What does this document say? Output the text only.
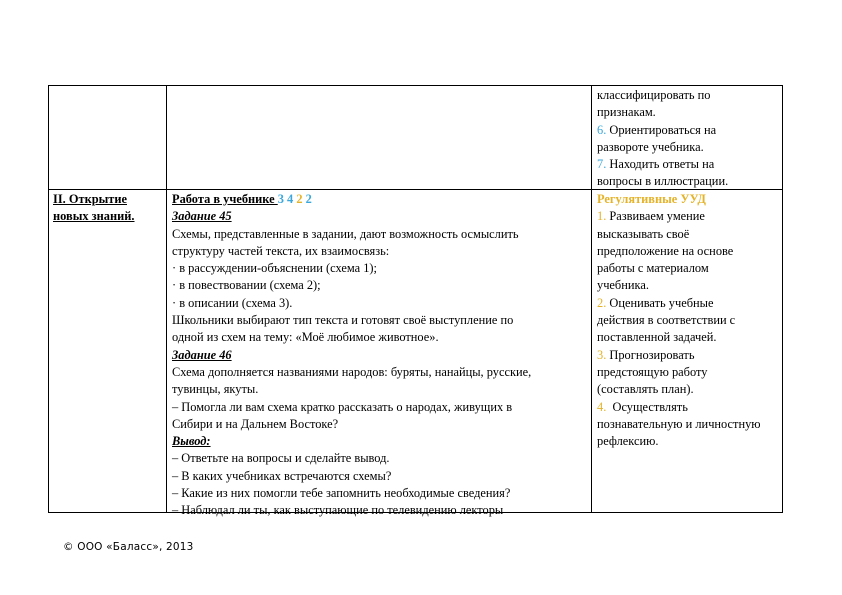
классифицировать по
признакам.
6. Ориентироваться на
развороте учебника.
7. Находить ответы на
вопросы в иллюстрации.
II. Открытие
новых знаний.
Работа в учебнике 3 4 2 2
Задание 45
Схемы, представленные в задании, дают возможность осмыслить
структуру частей текста, их взаимосвязь:
· в рассуждении-объяснении (схема 1);
· в повествовании (схема 2);
· в описании (схема 3).
Школьники выбирают тип текста и готовят своё выступление по
одной из схем на тему: «Моё любимое животное».
Задание 46
Схема дополняется названиями народов: буряты, нанайцы, русские,
тувинцы, якуты.
– Помогла ли вам схема кратко рассказать о народах, живущих в
Сибири и на Дальнем Востоке?
Вывод:
– Ответьте на вопросы и сделайте вывод.
– В каких учебниках встречаются схемы?
– Какие из них помогли тебе запомнить необходимые сведения?
– Наблюдал ли ты, как выступающие по телевидению лекторы
Регулятивные УУД
1. Развиваем умение
высказывать своё
предположение на основе
работы с материалом
учебника.
2. Оценивать учебные
действия в соответствии с
поставленной задачей.
3. Прогнозировать
предстоящую работу
(составлять план).
4.  Осуществлять
познавательную и личностную
рефлексию.
© ООО «Баласс», 2013
